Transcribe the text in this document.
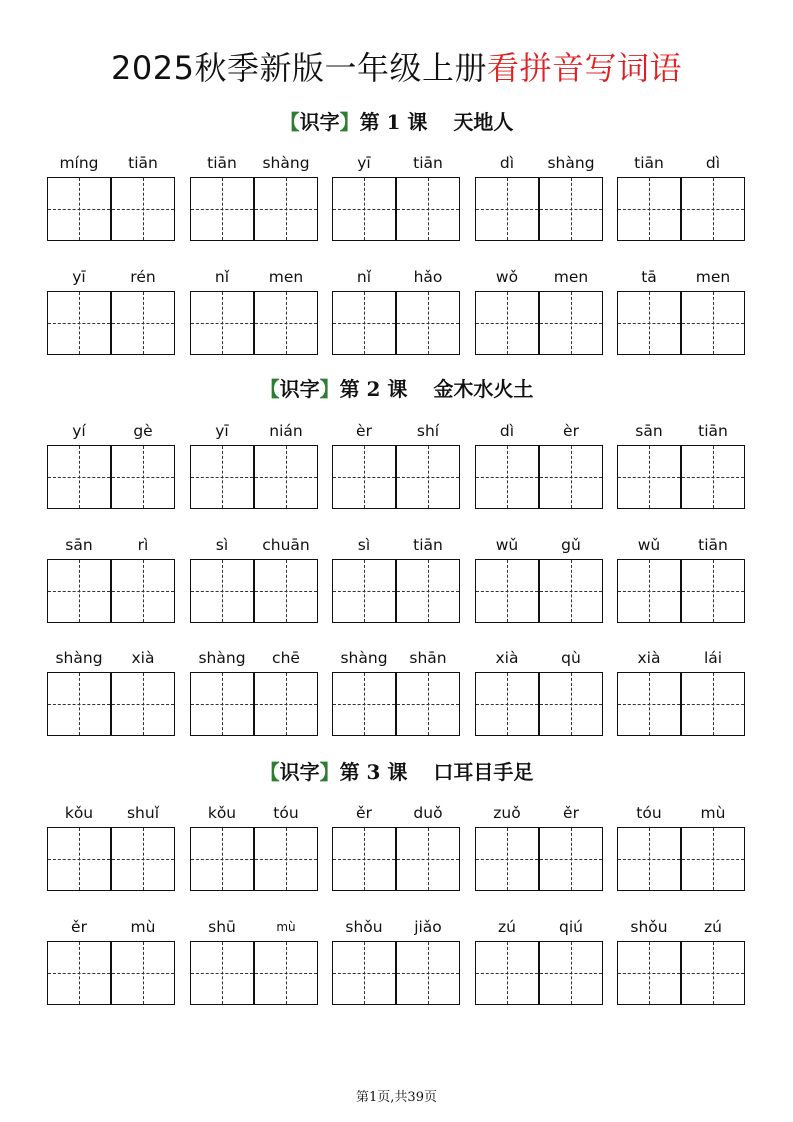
2025秋季新版一年级上册看拼音写词语
【识字】第 1 课 天地人
míng	tiān	tiān	shàng	yī	tiān	dì	shàng	tiān	dì
yī	rén	nǐ	men	nǐ	hǎo	wǒ	men	tā	men
【识字】第 2 课 金木水火土
yí	gè	yī	nián	èr	shí	dì	èr	sān	tiān
sān	rì	sì	chuān	sì	tiān	wǔ	gǔ	wǔ	tiān
shàng	xià	shàng	chē	shàng	shān	xià	qù	xià	lái
【识字】第 3 课 口耳目手足
kǒu	shuǐ	kǒu	tóu	ěr	duǒ	zuǒ	ěr	tóu	mù
ěr	mù	shū	mù	shǒu	jiǎo	zú	qiú	shǒu	zú
第1页,共39页
